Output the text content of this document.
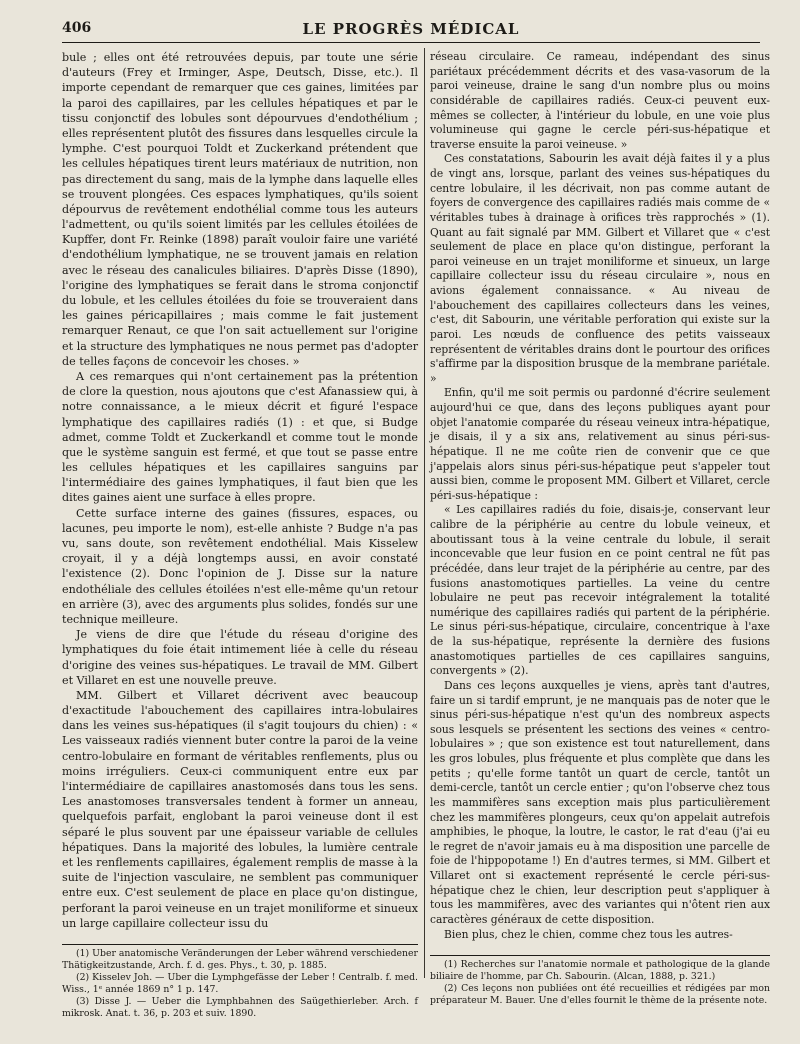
406	LE PROGRÈS MÉDICAL

bule ; elles ont été retrouvées depuis, par toute une série d'auteurs (Frey et Irminger, Aspe, Deutsch, Disse, etc.). Il importe cependant de remarquer que ces gaines, limitées par la paroi des capillaires, par les cellules hépatiques et par le tissu conjonctif des lobules sont dépourvues d'endothélium ; elles représentent plutôt des fissures dans lesquelles circule la lymphe. C'est pourquoi Toldt et Zuckerkand prétendent que les cellules hépatiques tirent leurs matériaux de nutrition, non pas directement du sang, mais de la lymphe dans laquelle elles se trouvent plongées. Ces espaces lymphatiques, qu'ils soient dépourvus de revêtement endothélial comme tous les auteurs l'admettent, ou qu'ils soient limités par les cellules étoilées de Kupffer, dont Fr. Reinke (1898) paraît vouloir faire une variété d'endothélium lymphatique, ne se trouvent jamais en relation avec le réseau des canalicules biliaires. D'après Disse (1890), l'origine des lymphatiques se ferait dans le stroma conjonctif du lobule, et les cellules étoilées du foie se trouveraient dans les gaines péricapillaires ; mais comme le fait justement remarquer Renaut, ce que l'on sait actuellement sur l'origine et la structure des lymphatiques ne nous permet pas d'adopter de telles façons de concevoir les choses. »

A ces remarques qui n'ont certainement pas la prétention de clore la question, nous ajoutons que c'est Afanassiew qui, à notre connaissance, a le mieux décrit et figuré l'espace lymphatique des capillaires radiés (1) : et que, si Budge admet, comme Toldt et Zuckerkandl et comme tout le monde que le système sanguin est fermé, et que tout se passe entre les cellules hépatiques et les capillaires sanguins par l'intermédiaire des gaines lymphatiques, il faut bien que les dites gaines aient une surface à elles propre.

Cette surface interne des gaines (fissures, espaces, ou lacunes, peu importe le nom), est-elle anhiste ? Budge n'a pas vu, sans doute, son revêtement endothélial. Mais Kisselew croyait, il y a déjà longtemps aussi, en avoir constaté l'existence (2). Donc l'opinion de J. Disse sur la nature endothéliale des cellules étoilées n'est elle-même qu'un retour en arrière (3), avec des arguments plus solides, fondés sur une technique meilleure.

Je viens de dire que l'étude du réseau d'origine des lymphatiques du foie était intimement liée à celle du réseau d'origine des veines sus-hépatiques. Le travail de MM. Gilbert et Villaret en est une nouvelle preuve.

MM. Gilbert et Villaret décrivent avec beaucoup d'exactitude l'abouchement des capillaires intra-lobulaires dans les veines sus-hépatiques (il s'agit toujours du chien) : « Les vaisseaux radiés viennent buter contre la paroi de la veine centro-lobulaire en formant de véritables renflements, plus ou moins irréguliers. Ceux-ci communiquent entre eux par l'intermédiaire de capillaires anastomosés dans tous les sens. Les anastomoses transversales tendent à former un anneau, quelquefois parfait, englobant la paroi veineuse dont il est séparé le plus souvent par une épaisseur variable de cellules hépatiques. Dans la majorité des lobules, la lumière centrale et les renflements capillaires, également remplis de masse à la suite de l'injection vasculaire, ne semblent pas communiquer entre eux. C'est seulement de place en place qu'on distingue, perforant la paroi veineuse en un trajet moniliforme et sinueux un large capillaire collecteur issu du

réseau circulaire. Ce rameau, indépendant des sinus pariétaux précédemment décrits et des vasa-vasorum de la paroi veineuse, draine le sang d'un nombre plus ou moins considérable de capillaires radiés. Ceux-ci peuvent eux-mêmes se collecter, à l'intérieur du lobule, en une voie plus volumineuse qui gagne le cercle péri-sus-hépatique et traverse ensuite la paroi veineuse. »

Ces constatations, Sabourin les avait déjà faites il y a plus de vingt ans, lorsque, parlant des veines sus-hépatiques du centre lobulaire, il les décrivait, non pas comme autant de foyers de convergence des capillaires radiés mais comme de « véritables tubes à drainage à orifices très rapprochés » (1). Quant au fait signalé par MM. Gilbert et Villaret que « c'est seulement de place en place qu'on distingue, perforant la paroi veineuse en un trajet moniliforme et sinueux, un large capillaire collecteur issu du réseau circulaire », nous en avions également connaissance. « Au niveau de l'abouchement des capillaires collecteurs dans les veines, c'est, dit Sabourin, une véritable perforation qui existe sur la paroi. Les nœuds de confluence des petits vaisseaux représentent de véritables drains dont le pourtour des orifices s'affirme par la disposition brusque de la membrane pariétale. »

Enfin, qu'il me soit permis ou pardonné d'écrire seulement aujourd'hui ce que, dans des leçons publiques ayant pour objet l'anatomie comparée du réseau veineux intra-hépatique, je disais, il y a six ans, relativement au sinus péri-sus-hépatique. Il ne me coûte rien de convenir que ce que j'appelais alors sinus péri-sus-hépatique peut s'appeler tout aussi bien, comme le proposent MM. Gilbert et Villaret, cercle péri-sus-hépatique :

« Les capillaires radiés du foie, disais-je, conservant leur calibre de la périphérie au centre du lobule veineux, et aboutissant tous à la veine centrale du lobule, il serait inconcevable que leur fusion en ce point central ne fût pas précédée, dans leur trajet de la périphérie au centre, par des fusions anastomotiques partielles. La veine du centre lobulaire ne peut pas recevoir intégralement la totalité numérique des capillaires radiés qui partent de la périphérie. Le sinus péri-sus-hépatique, circulaire, concentrique à l'axe de la sus-hépatique, représente la dernière des fusions anastomotiques partielles de ces capillaires sanguins, convergents » (2).

Dans ces leçons auxquelles je viens, après tant d'autres, faire un si tardif emprunt, je ne manquais pas de noter que le sinus péri-sus-hépatique n'est qu'un des nombreux aspects sous lesquels se présentent les sections des veines « centro-lobulaires » ; que son existence est tout naturellement, dans les gros lobules, plus fréquente et plus complète que dans les petits ; qu'elle forme tantôt un quart de cercle, tantôt un demi-cercle, tantôt un cercle entier ; qu'on l'observe chez tous les mammifères sans exception mais plus particulièrement chez les mammifères plongeurs, ceux qu'on appelait autrefois amphibies, le phoque, la loutre, le castor, le rat d'eau (j'ai eu le regret de n'avoir jamais eu à ma disposition une parcelle de foie de l'hippopotame !) En d'autres termes, si MM. Gilbert et Villaret ont si exactement représenté le cercle péri-sus-hépatique chez le chien, leur description peut s'appliquer à tous les mammifères, avec des variantes qui n'ôtent rien aux caractères généraux de cette disposition.

Bien plus, chez le chien, comme chez tous les autres-

(1) Uber anatomische Veränderungen der Leber während verschiedener Thätigkeitzustande, Arch. f. d. ges. Phys., t. 30, p. 1885.

(2) Kisselev Joh. — Uber die Lymphgefässe der Leber ! Centralb. f. med. Wiss., 1ᵉ année 1869 n° 1 p. 147.

(3) Disse J. — Ueber die Lymphbahnen des Saügethierleber. Arch. f mikrosk. Anat. t. 36, p. 203 et suiv. 1890.

(1) Recherches sur l'anatomie normale et pathologique de la glande biliaire de l'homme, par Ch. Sabourin. (Alcan, 1888, p. 321.)

(2) Ces leçons non publiées ont été recueillies et rédigées par mon préparateur M. Bauer. Une d'elles fournit le thème de la présente note.
